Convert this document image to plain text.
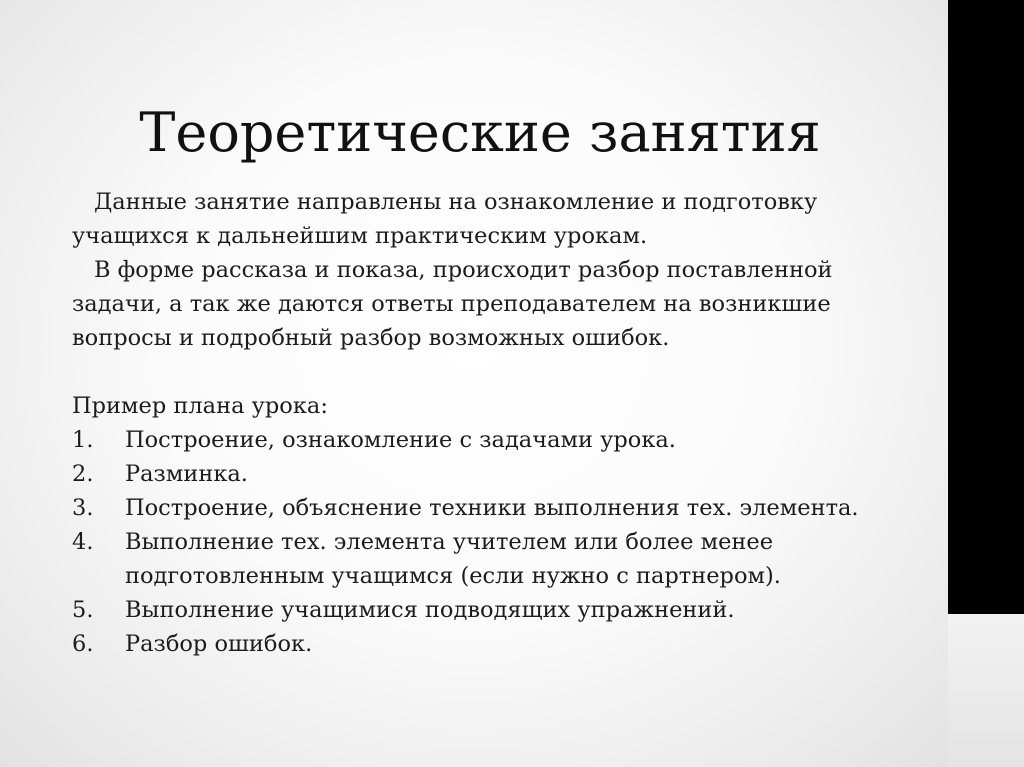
Теоретические занятия

Данные занятие направлены на ознакомление и подготовку учащихся к дальнейшим практическим урокам.

В форме рассказа и показа, происходит разбор поставленной задачи, а так же даются ответы преподавателем на возникшие вопросы и подробный разбор возможных ошибок.

Пример плана урока:

1.	Построение, ознакомление с задачами урока.
2.	Разминка.
3.	Построение, объяснение техники выполнения тех. элемента.
4.	Выполнение тех. элемента учителем или более менее подготовленным учащимся (если нужно с партнером).
5.	Выполнение учащимися подводящих упражнений.
6.	Разбор ошибок.
